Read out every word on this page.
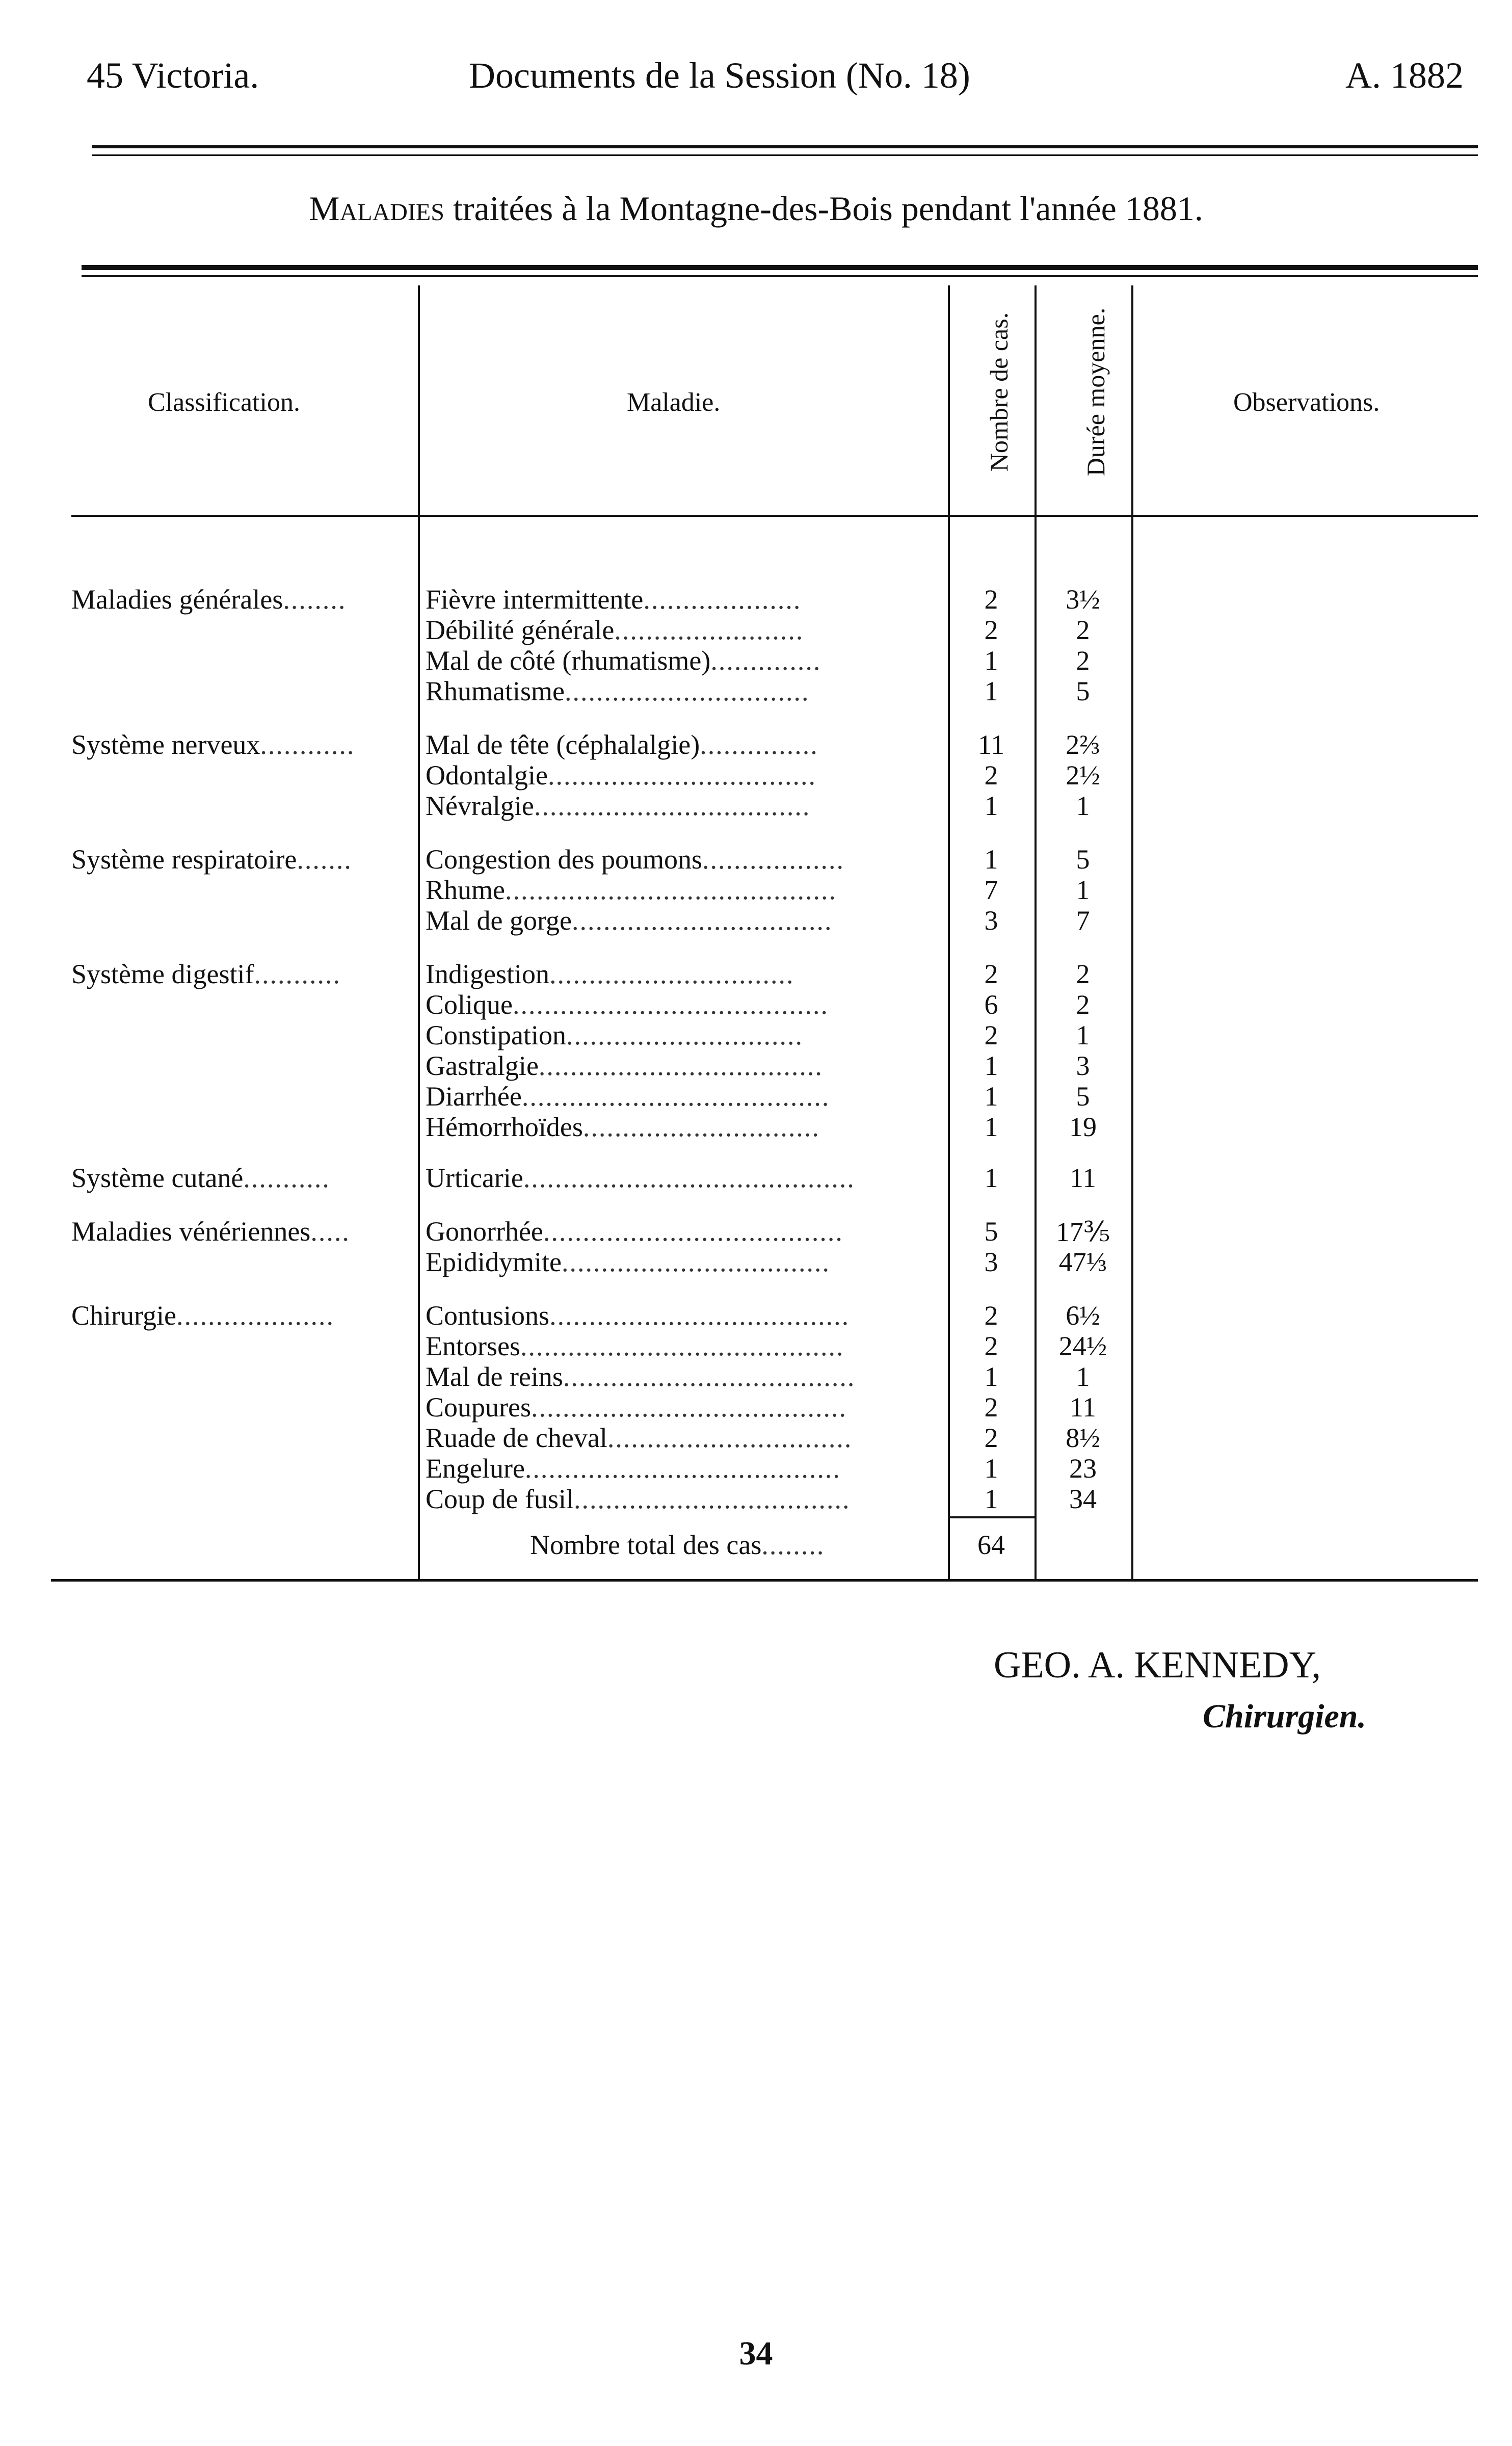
45 Victoria.	Documents de la Session (No. 18)	A. 1882
Maladies traitées à la Montagne-des-Bois pendant l'année 1881.
Classification.	Maladie.	Nombre de cas.	Durée moyenne.	Observations.
Maladies générales........	Fièvre intermittente....................	2	3½
Débilité générale........................	2	2
Mal de côté (rhumatisme)..............	1	2
Rhumatisme...............................	1	5
Système nerveux............	Mal de tête (céphalalgie)...............	11	2⅔
Odontalgie..................................	2	2½
Névralgie...................................	1	1
Système respiratoire.......	Congestion des poumons..................	1	5
Rhume..........................................	7	1
Mal de gorge.................................	3	7
Système digestif...........	Indigestion...............................	2	2
Colique........................................	6	2
Constipation..............................	2	1
Gastralgie....................................	1	3
Diarrhée.......................................	1	5
Hémorrhoïdes..............................	1	19
Système cutané...........	Urticarie..........................................	1	11
Maladies vénériennes.....	Gonorrhée......................................	5	17⅗
Epididymite..................................	3	47⅓
Chirurgie....................	Contusions......................................	2	6½
Entorses.........................................	2	24½
Mal de reins.....................................	1	1
Coupures........................................	2	11
Ruade de cheval...............................	2	8½
Engelure........................................	1	23
Coup de fusil...................................	1	34
Nombre total des cas........	64
GEO. A. KENNEDY,
Chirurgien.
34
